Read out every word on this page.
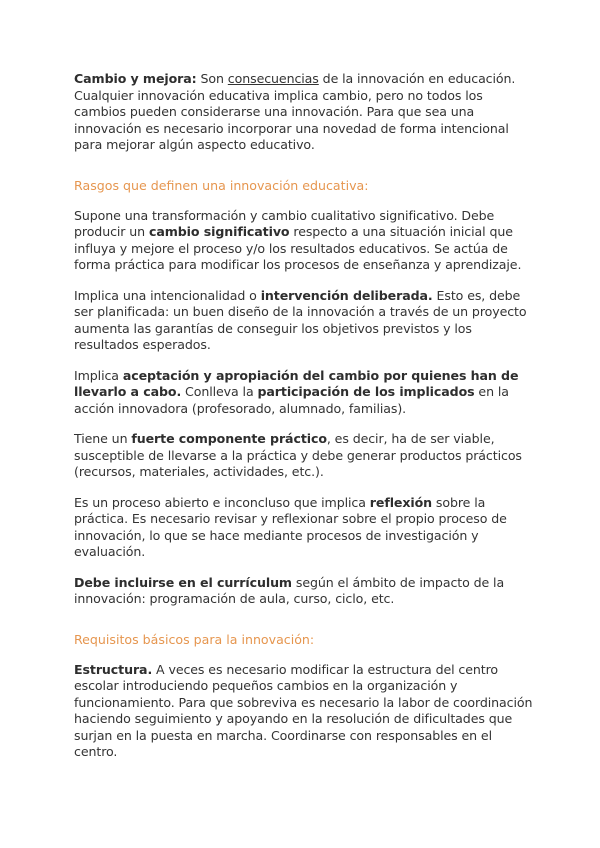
Cambio y mejora: Son consecuencias de la innovación en educación. Cualquier innovación educativa implica cambio, pero no todos los cambios pueden considerarse una innovación. Para que sea una innovación es necesario incorporar una novedad de forma intencional para mejorar algún aspecto educativo.

Rasgos que definen una innovación educativa:

Supone una transformación y cambio cualitativo significativo. Debe producir un cambio significativo respecto a una situación inicial que influya y mejore el proceso y/o los resultados educativos. Se actúa de forma práctica para modificar los procesos de enseñanza y aprendizaje.

Implica una intencionalidad o intervención deliberada. Esto es, debe ser planificada: un buen diseño de la innovación a través de un proyecto aumenta las garantías de conseguir los objetivos previstos y los resultados esperados.

Implica aceptación y apropiación del cambio por quienes han de llevarlo a cabo. Conlleva la participación de los implicados en la acción innovadora (profesorado, alumnado, familias).

Tiene un fuerte componente práctico, es decir, ha de ser viable, susceptible de llevarse a la práctica y debe generar productos prácticos (recursos, materiales, actividades, etc.).

Es un proceso abierto e inconcluso que implica reflexión sobre la práctica. Es necesario revisar y reflexionar sobre el propio proceso de innovación, lo que se hace mediante procesos de investigación y evaluación.

Debe incluirse en el currículum según el ámbito de impacto de la innovación: programación de aula, curso, ciclo, etc.

Requisitos básicos para la innovación:

Estructura. A veces es necesario modificar la estructura del centro escolar introduciendo pequeños cambios en la organización y funcionamiento. Para que sobreviva es necesario la labor de coordinación haciendo seguimiento y apoyando en la resolución de dificultades que surjan en la puesta en marcha. Coordinarse con responsables en el centro.
